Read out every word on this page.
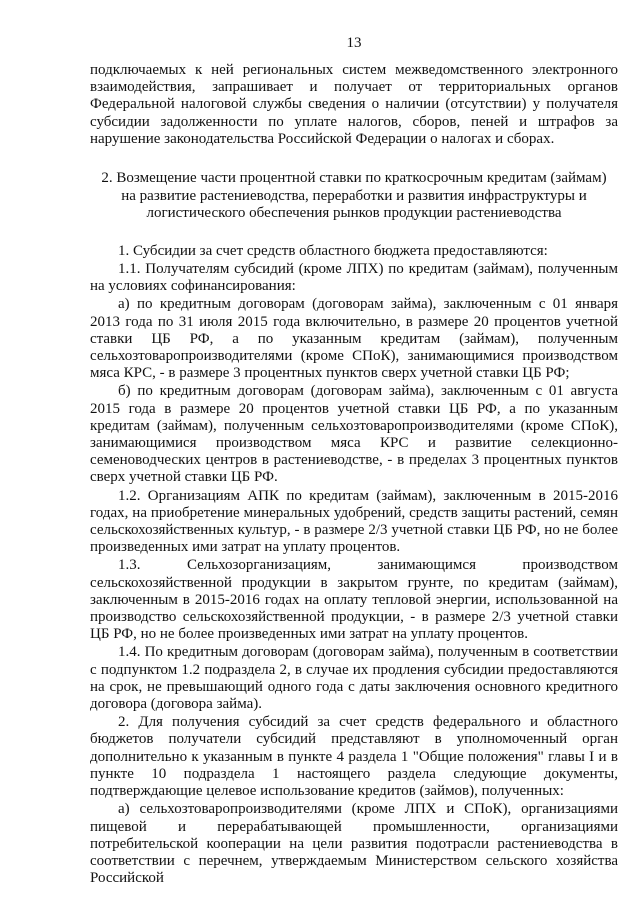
13

подключаемых к ней региональных систем межведомственного электронного взаимодействия, запрашивает и получает от территориальных органов Федеральной налоговой службы сведения о наличии (отсутствии) у получателя субсидии задолженности по уплате налогов, сборов, пеней и штрафов за нарушение законодательства Российской Федерации о налогах и сборах.

2. Возмещение части процентной ставки по краткосрочным кредитам (займам) на развитие растениеводства, переработки и развития инфраструктуры и логистического обеспечения рынков продукции растениеводства

1. Субсидии за счет средств областного бюджета предоставляются:

1.1. Получателям субсидий (кроме ЛПХ) по кредитам (займам), полученным на условиях софинансирования:

а) по кредитным договорам (договорам займа), заключенным с 01 января 2013 года по 31 июля 2015 года включительно, в размере 20 процентов учетной ставки ЦБ РФ, а по указанным кредитам (займам), полученным сельхозтоваропроизводителями (кроме СПоК), занимающимися производством мяса КРС, - в размере 3 процентных пунктов сверх учетной ставки ЦБ РФ;

б) по кредитным договорам (договорам займа), заключенным с 01 августа 2015 года в размере 20 процентов учетной ставки ЦБ РФ, а по указанным кредитам (займам), полученным сельхозтоваропроизводителями (кроме СПоК), занимающимися производством мяса КРС и развитие селекционно-семеноводческих центров в растениеводстве, - в пределах 3 процентных пунктов сверх учетной ставки ЦБ РФ.

1.2. Организациям АПК по кредитам (займам), заключенным в 2015-2016 годах, на приобретение минеральных удобрений, средств защиты растений, семян сельскохозяйственных культур, - в размере 2/3 учетной ставки ЦБ РФ, но не более произведенных ими затрат на уплату процентов.

1.3. Сельхозорганизациям, занимающимся производством сельскохозяйственной продукции в закрытом грунте, по кредитам (займам), заключенным в 2015-2016 годах на оплату тепловой энергии, использованной на производство сельскохозяйственной продукции, - в размере 2/3 учетной ставки ЦБ РФ, но не более произведенных ими затрат на уплату процентов.

1.4. По кредитным договорам (договорам займа), полученным в соответствии с подпунктом 1.2 подраздела 2, в случае их продления субсидии предоставляются на срок, не превышающий одного года с даты заключения основного кредитного договора (договора займа).

2. Для получения субсидий за счет средств федерального и областного бюджетов получатели субсидий представляют в уполномоченный орган дополнительно к указанным в пункте 4 раздела 1 "Общие положения" главы I и в пункте 10 подраздела 1 настоящего раздела следующие документы, подтверждающие целевое использование кредитов (займов), полученных:

а) сельхозтоваропроизводителями (кроме ЛПХ и СПоК), организациями пищевой и перерабатывающей промышленности, организациями потребительской кооперации на цели развития подотрасли растениеводства в соответствии с перечнем, утверждаемым Министерством сельского хозяйства Российской
